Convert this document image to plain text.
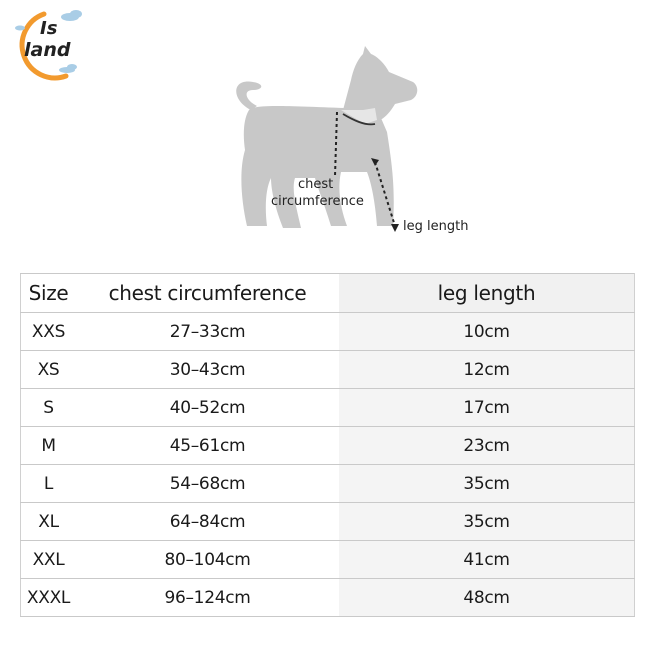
Is
land
chest
circumference
leg length
Size	chest circumference	leg length
XXS	27–33cm	10cm
XS	30–43cm	12cm
S	40–52cm	17cm
M	45–61cm	23cm
L	54–68cm	35cm
XL	64–84cm	35cm
XXL	80–104cm	41cm
XXXL	96–124cm	48cm
